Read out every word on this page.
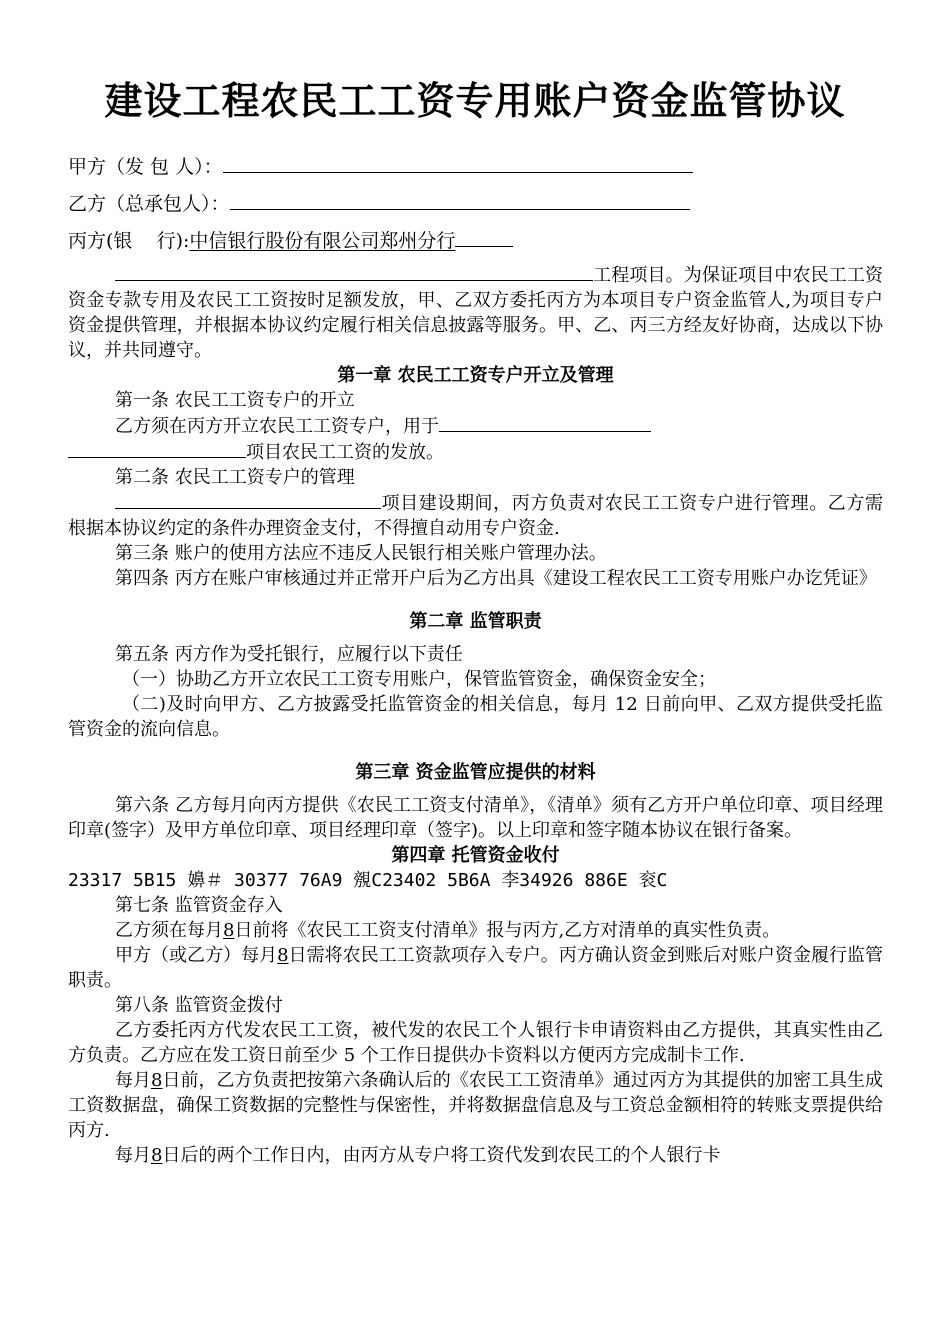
建设工程农民工工资专用账户资金监管协议
甲方（发 包 人）：
乙方（总承包人）：
丙方(银    行):中信银行股份有限公司郑州分行

工程项目。为保证项目中农民工工资资金专款专用及农民工工资按时足额发放，甲、乙双方委托丙方为本项目专户资金监管人,为项目专户资金提供管理，并根据本协议约定履行相关信息披露等服务。甲、乙、丙三方经友好协商，达成以下协议，并共同遵守。

第一章 农民工工资专户开立及管理

第一条 农民工工资专户的开立

乙方须在丙方开立农民工工资专户，用于

项目农民工工资的发放。

第二条 农民工工资专户的管理

项目建设期间，丙方负责对农民工工资专户进行管理。乙方需根据本协议约定的条件办理资金支付，不得擅自动用专户资金.

第三条 账户的使用方法应不违反人民银行相关账户管理办法。

第四条 丙方在账户审核通过并正常开户后为乙方出具《建设工程农民工工资专用账户办讫凭证》

第二章 监管职责

第五条 丙方作为受托银行，应履行以下责任

（一）协助乙方开立农民工工资专用账户，保管监管资金，确保资金安全；

（二)及时向甲方、乙方披露受托监管资金的相关信息，每月 12 日前向甲、乙双方提供受托监管资金的流向信息。

第三章 资金监管应提供的材料

第六条 乙方每月向丙方提供《农民工工资支付清单》，《清单》须有乙方开户单位印章、项目经理印章(签字）及甲方单位印章、项目经理印章（签字)。以上印章和签字随本协议在银行备案。

第四章 托管资金收付

23317 5B15 嬶＃ 30377 76A9 覫C23402 5B6A 李34926 886E 衮C

第七条 监管资金存入

乙方须在每月8日前将《农民工工资支付清单》报与丙方,乙方对清单的真实性负责。

甲方（或乙方）每月8日需将农民工工资款项存入专户。丙方确认资金到账后对账户资金履行监管职责。

第八条 监管资金拨付

乙方委托丙方代发农民工工资，被代发的农民工个人银行卡申请资料由乙方提供，其真实性由乙方负责。乙方应在发工资日前至少 5 个工作日提供办卡资料以方便丙方完成制卡工作.

每月8日前，乙方负责把按第六条确认后的《农民工工资清单》通过丙方为其提供的加密工具生成工资数据盘，确保工资数据的完整性与保密性，并将数据盘信息及与工资总金额相符的转账支票提供给丙方.

每月8日后的两个工作日内，由丙方从专户将工资代发到农民工的个人银行卡
